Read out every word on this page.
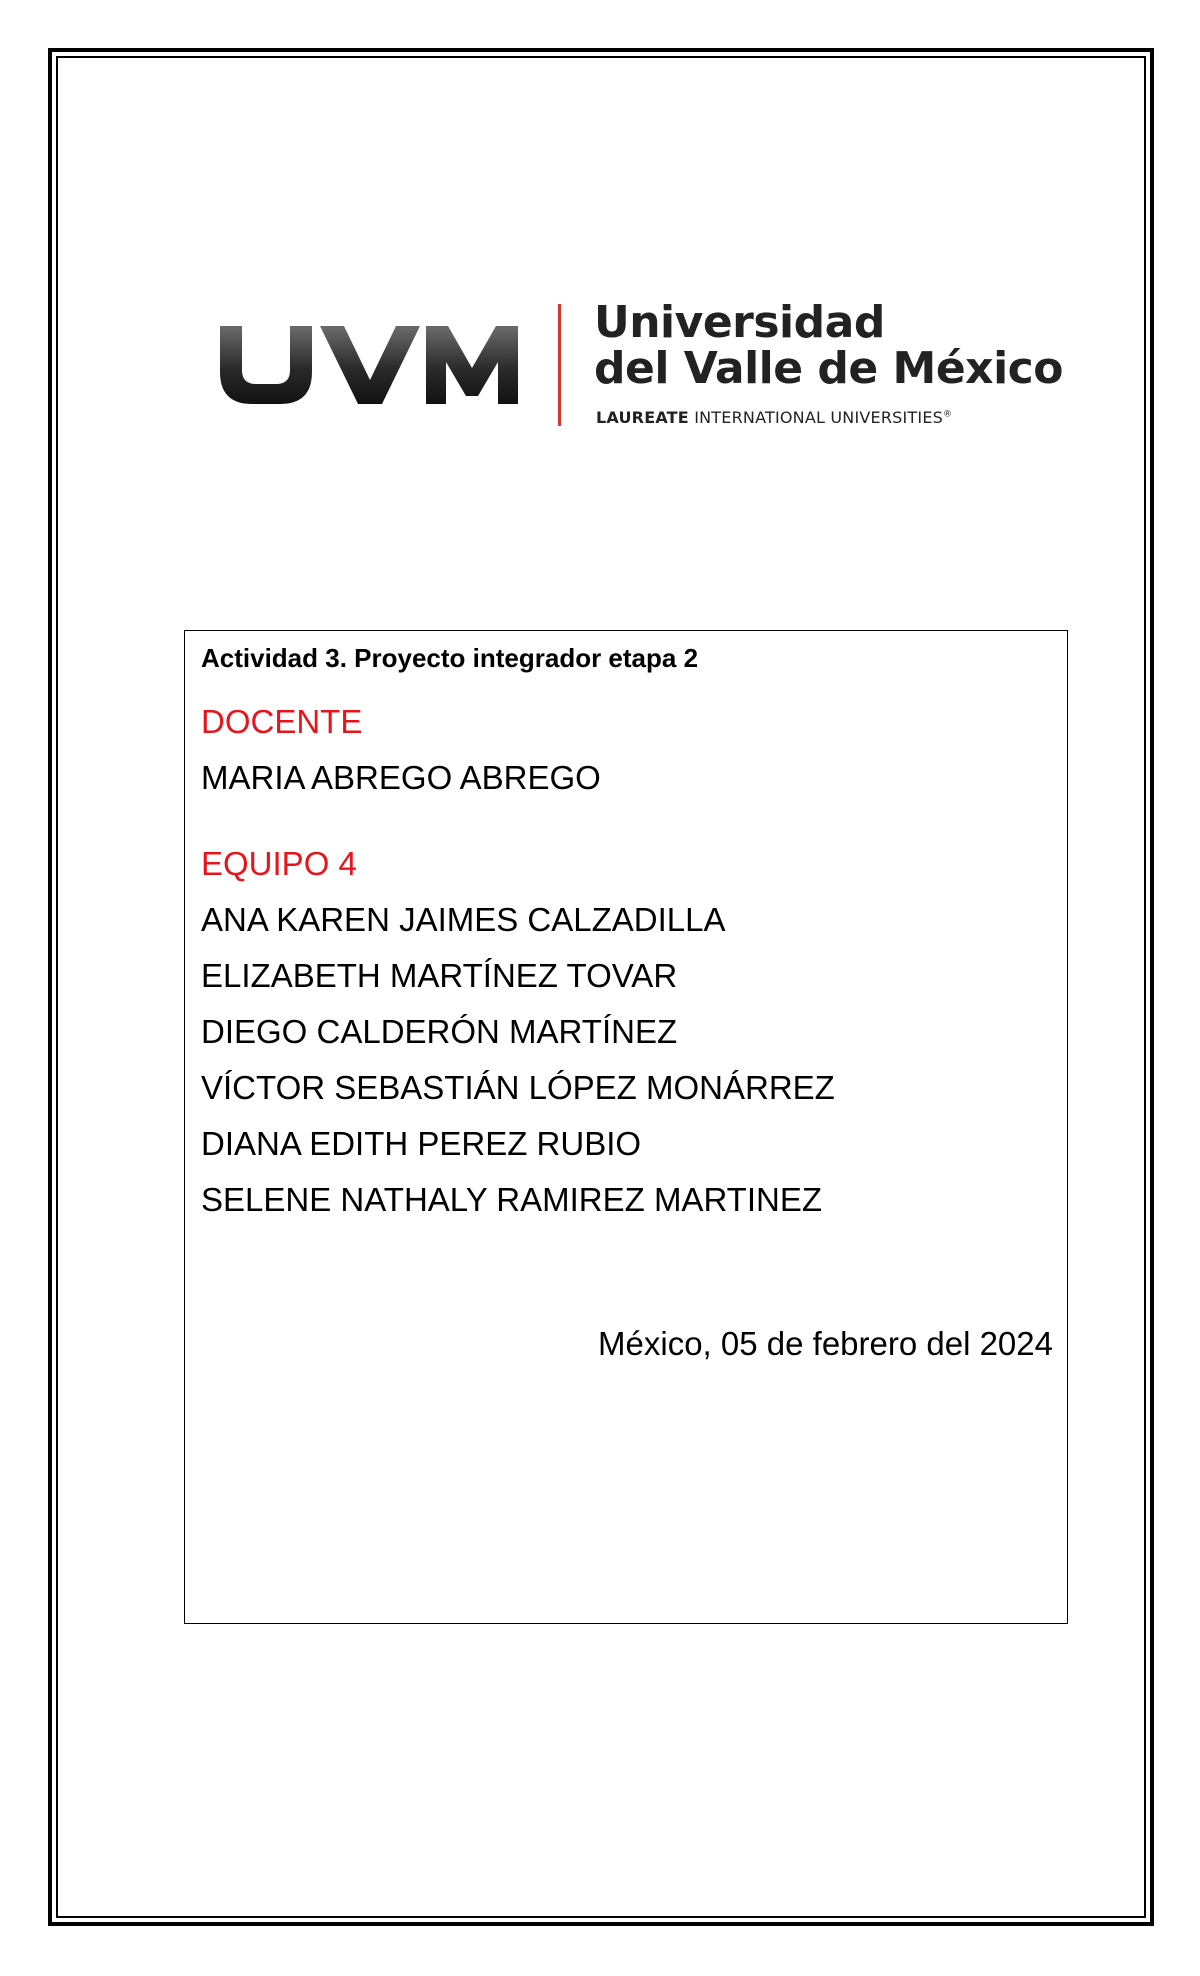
Universidad
del Valle de México
LAUREATE INTERNATIONAL UNIVERSITIES®
Actividad 3. Proyecto integrador etapa 2
DOCENTE
MARIA ABREGO ABREGO
EQUIPO 4
ANA KAREN JAIMES CALZADILLA
ELIZABETH MARTÍNEZ TOVAR
DIEGO CALDERÓN MARTÍNEZ
VÍCTOR SEBASTIÁN LÓPEZ MONÁRREZ
DIANA EDITH PEREZ RUBIO
SELENE NATHALY RAMIREZ MARTINEZ
México, 05 de febrero del 2024
